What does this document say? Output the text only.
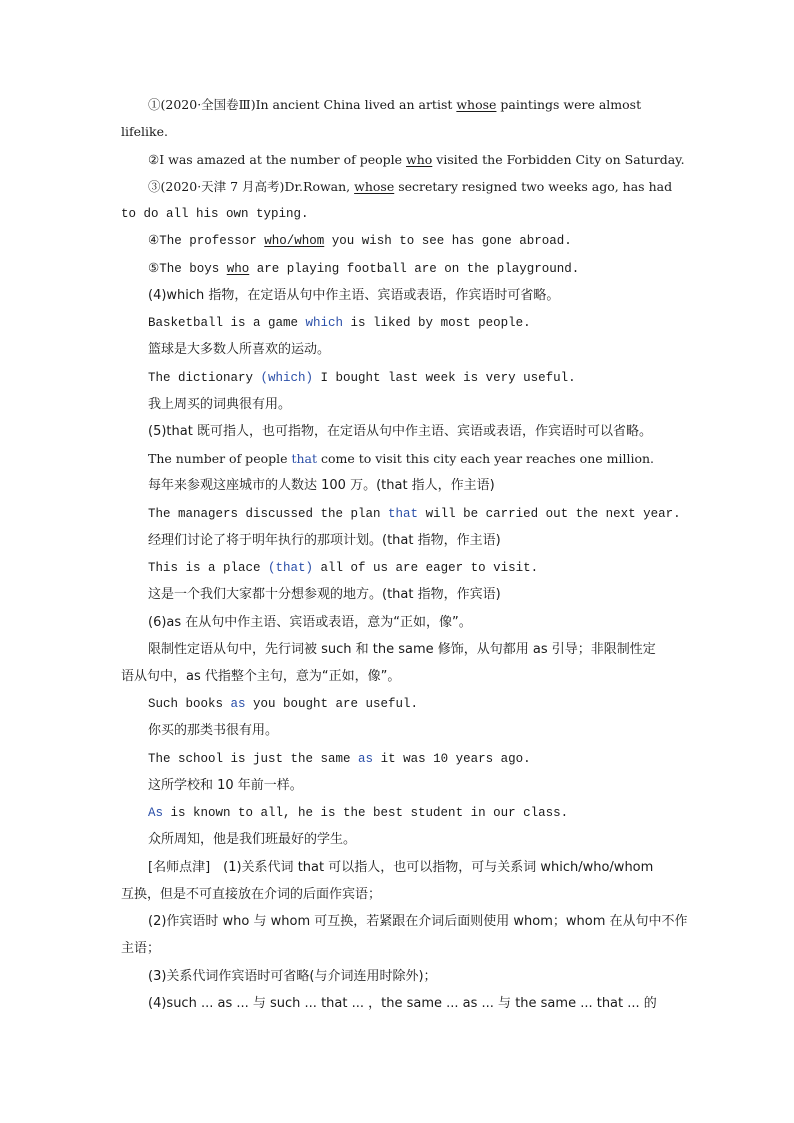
①(2020·全国卷Ⅲ)In ancient China lived an artist whose paintings were almost
lifelike.
②I was amazed at the number of people who visited the Forbidden City on Saturday.
③(2020·天津 7 月高考)Dr.Rowan, whose secretary resigned two weeks ago, has had
to do all his own typing.
④The professor who/whom you wish to see has gone abroad.
⑤The boys who are playing football are on the playground.
(4)which 指物，在定语从句中作主语、宾语或表语，作宾语时可省略。
Basketball is a game which is liked by most people.
篮球是大多数人所喜欢的运动。
The dictionary (which) I bought last week is very useful.
我上周买的词典很有用。
(5)that 既可指人，也可指物，在定语从句中作主语、宾语或表语，作宾语时可以省略。
The number of people that come to visit this city each year reaches one million.
每年来参观这座城市的人数达 100 万。(that 指人，作主语)
The managers discussed the plan that will be carried out the next year.
经理们讨论了将于明年执行的那项计划。(that 指物，作主语)
This is a place (that) all of us are eager to visit.
这是一个我们大家都十分想参观的地方。(that 指物，作宾语)
(6)as 在从句中作主语、宾语或表语，意为“正如，像”。
限制性定语从句中，先行词被 such 和 the same 修饰，从句都用 as 引导；非限制性定
语从句中，as 代指整个主句，意为“正如，像”。
Such books as you bought are useful.
你买的那类书很有用。
The school is just the same as it was 10 years ago.
这所学校和 10 年前一样。
As is known to all, he is the best student in our class.
众所周知，他是我们班最好的学生。
[名师点津]　(1)关系代词 that 可以指人，也可以指物，可与关系词 which/who/whom
互换，但是不可直接放在介词的后面作宾语；
(2)作宾语时 who 与 whom 可互换，若紧跟在介词后面则使用 whom；whom 在从句中不作
主语；
(3)关系代词作宾语时可省略(与介词连用时除外)；
(4)such ... as ... 与 such ... that ... ，the same ... as ... 与 the same ... that ... 的
